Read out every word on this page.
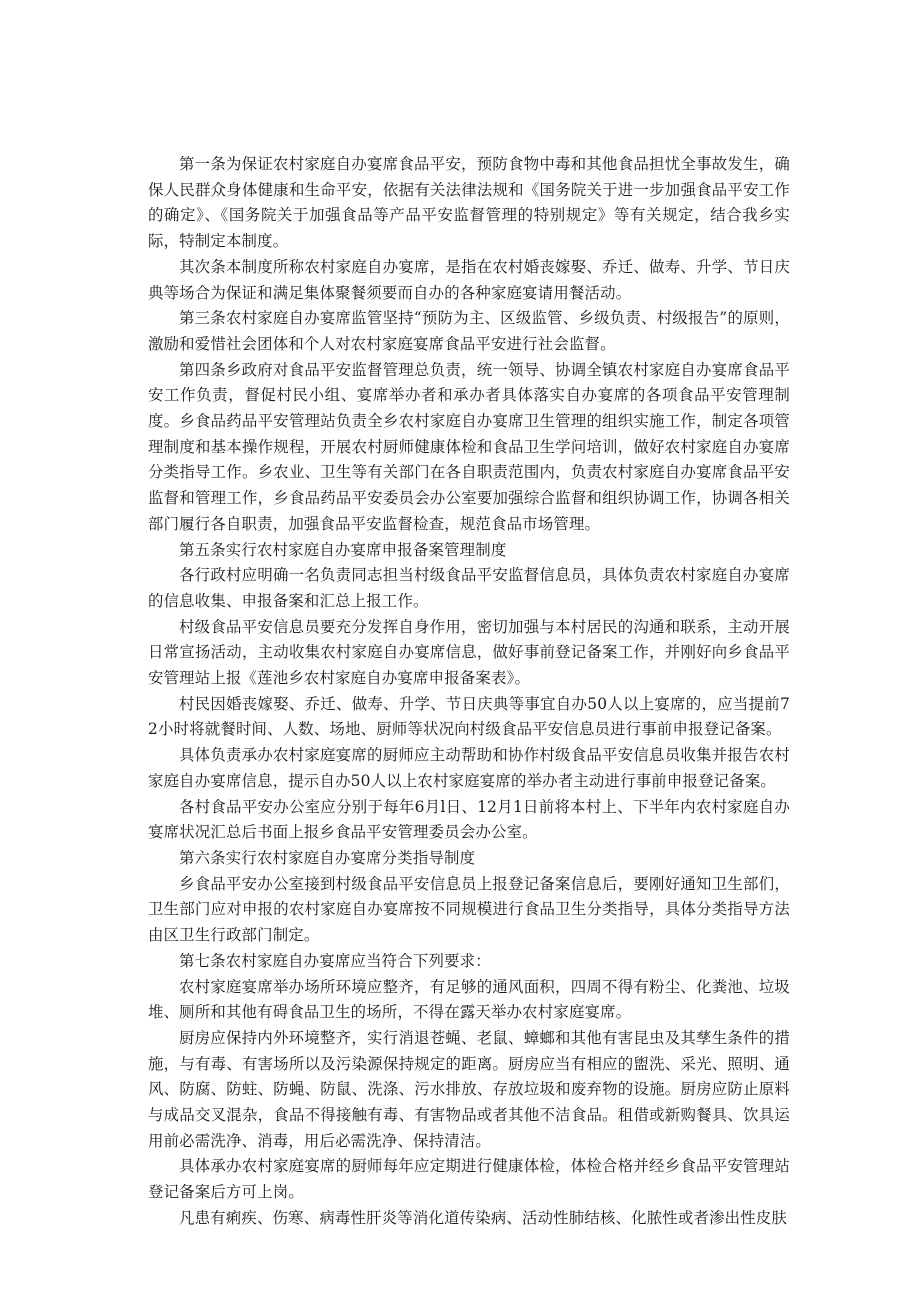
第一条为保证农村家庭自办宴席食品平安，预防食物中毒和其他食品担忧全事故发生，确保人民群众身体健康和生命平安，依据有关法律法规和《国务院关于进一步加强食品平安工作的确定》、《国务院关于加强食品等产品平安监督管理的特别规定》等有关规定，结合我乡实际，特制定本制度。

其次条本制度所称农村家庭自办宴席，是指在农村婚丧嫁娶、乔迁、做寿、升学、节日庆典等场合为保证和满足集体聚餐须要而自办的各种家庭宴请用餐活动。

第三条农村家庭自办宴席监管坚持“预防为主、区级监管、乡级负责、村级报告”的原则，激励和爱惜社会团体和个人对农村家庭宴席食品平安进行社会监督。

第四条乡政府对食品平安监督管理总负责，统一领导、协调全镇农村家庭自办宴席食品平安工作负责，督促村民小组、宴席举办者和承办者具体落实自办宴席的各项食品平安管理制度。乡食品药品平安管理站负责全乡农村家庭自办宴席卫生管理的组织实施工作，制定各项管理制度和基本操作规程，开展农村厨师健康体检和食品卫生学问培训，做好农村家庭自办宴席分类指导工作。乡农业、卫生等有关部门在各自职责范围内，负责农村家庭自办宴席食品平安监督和管理工作，乡食品药品平安委员会办公室要加强综合监督和组织协调工作，协调各相关部门履行各自职责，加强食品平安监督检查，规范食品市场管理。

第五条实行农村家庭自办宴席申报备案管理制度

各行政村应明确一名负责同志担当村级食品平安监督信息员，具体负责农村家庭自办宴席的信息收集、申报备案和汇总上报工作。

村级食品平安信息员要充分发挥自身作用，密切加强与本村居民的沟通和联系，主动开展日常宣扬活动，主动收集农村家庭自办宴席信息，做好事前登记备案工作，并刚好向乡食品平安管理站上报《莲池乡农村家庭自办宴席申报备案表》。

村民因婚丧嫁娶、乔迁、做寿、升学、节日庆典等事宜自办50人以上宴席的，应当提前72小时将就餐时间、人数、场地、厨师等状况向村级食品平安信息员进行事前申报登记备案。

具体负责承办农村家庭宴席的厨师应主动帮助和协作村级食品平安信息员收集并报告农村家庭自办宴席信息，提示自办50人以上农村家庭宴席的举办者主动进行事前申报登记备案。

各村食品平安办公室应分别于每年6月l日、12月1日前将本村上、下半年内农村家庭自办宴席状况汇总后书面上报乡食品平安管理委员会办公室。

第六条实行农村家庭自办宴席分类指导制度

乡食品平安办公室接到村级食品平安信息员上报登记备案信息后，要刚好通知卫生部们，卫生部门应对申报的农村家庭自办宴席按不同规模进行食品卫生分类指导，具体分类指导方法由区卫生行政部门制定。

第七条农村家庭自办宴席应当符合下列要求：

农村家庭宴席举办场所环境应整齐，有足够的通风面积，四周不得有粉尘、化粪池、垃圾堆、厕所和其他有碍食品卫生的场所，不得在露天举办农村家庭宴席。

厨房应保持内外环境整齐，实行消退苍蝇、老鼠、蟑螂和其他有害昆虫及其孳生条件的措施，与有毒、有害场所以及污染源保持规定的距离。厨房应当有相应的盥洗、采光、照明、通风、防腐、防蛀、防蝇、防鼠、洗涤、污水排放、存放垃圾和废弃物的设施。厨房应防止原料与成品交叉混杂，食品不得接触有毒、有害物品或者其他不洁食品。租借或新购餐具、饮具运用前必需洗净、消毒，用后必需洗净、保持清洁。

具体承办农村家庭宴席的厨师每年应定期进行健康体检，体检合格并经乡食品平安管理站登记备案后方可上岗。

凡患有痢疾、伤寒、病毒性肝炎等消化道传染病、活动性肺结核、化脓性或者渗出性皮肤
